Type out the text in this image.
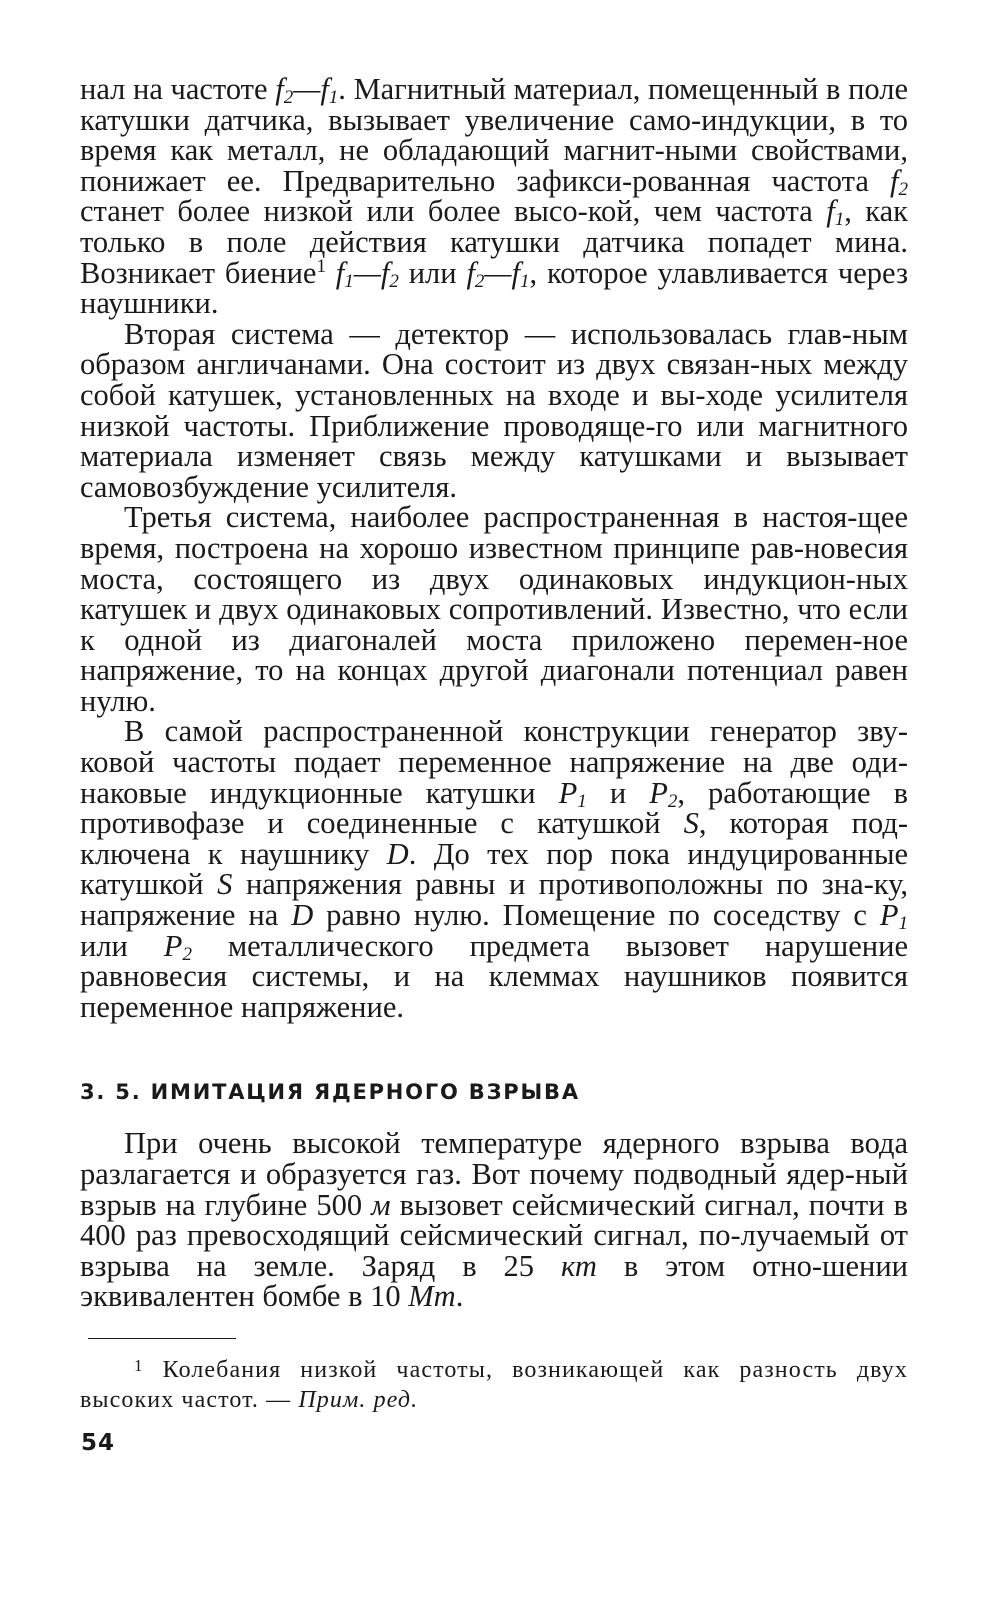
нал на частоте $f_2—f_1$. Магнитный материал, помещенный в поле катушки датчика, вызывает увеличение само-индукции, в то время как металл, не обладающий магнит-ными свойствами, понижает ее. Предварительно зафикси-рованная частота $f_2$ станет более низкой или более высо-кой, чем частота $f_1$, как только в поле действия катушки датчика попадет мина. Возникает биение$^1$ $f_1—f_2$ или $f_2—f_1$, которое улавливается через наушники.

Вторая система — детектор — использовалась глав-ным образом англичанами. Она состоит из двух связан-ных между собой катушек, установленных на входе и вы-ходе усилителя низкой частоты. Приближение проводяще-го или магнитного материала изменяет связь между катушками и вызывает самовозбуждение усилителя.

Третья система, наиболее распространенная в настоя-щее время, построена на хорошо известном принципе рав-новесия моста, состоящего из двух одинаковых индукцион-ных катушек и двух одинаковых сопротивлений. Известно, что если к одной из диагоналей моста приложено перемен-ное напряжение, то на концах другой диагонали потенциал равен нулю.

В самой распространенной конструкции генератор зву-ковой частоты подает переменное напряжение на две оди-наковые индукционные катушки $P_1$ и $P_2$, работающие в противофазе и соединенные с катушкой S, которая под-ключена к наушнику D. До тех пор пока индуцированные катушкой S напряжения равны и противоположны по зна-ку, напряжение на D равно нулю. Помещение по соседству с $P_1$ или $P_2$ металлического предмета вызовет нарушение равновесия системы, и на клеммах наушников появится переменное напряжение.

3. 5. ИМИТАЦИЯ ЯДЕРНОГО ВЗРЫВА

При очень высокой температуре ядерного взрыва вода разлагается и образуется газ. Вот почему подводный ядер-ный взрыв на глубине 500 м вызовет сейсмический сигнал, почти в 400 раз превосходящий сейсмический сигнал, по-лучаемый от взрыва на земле. Заряд в 25 кт в этом отно-шении эквивалентен бомбе в 10 Мт.

$^1$ Колебания низкой частоты, возникающей как разность двух высоких частот. — Прим. ред.

54
